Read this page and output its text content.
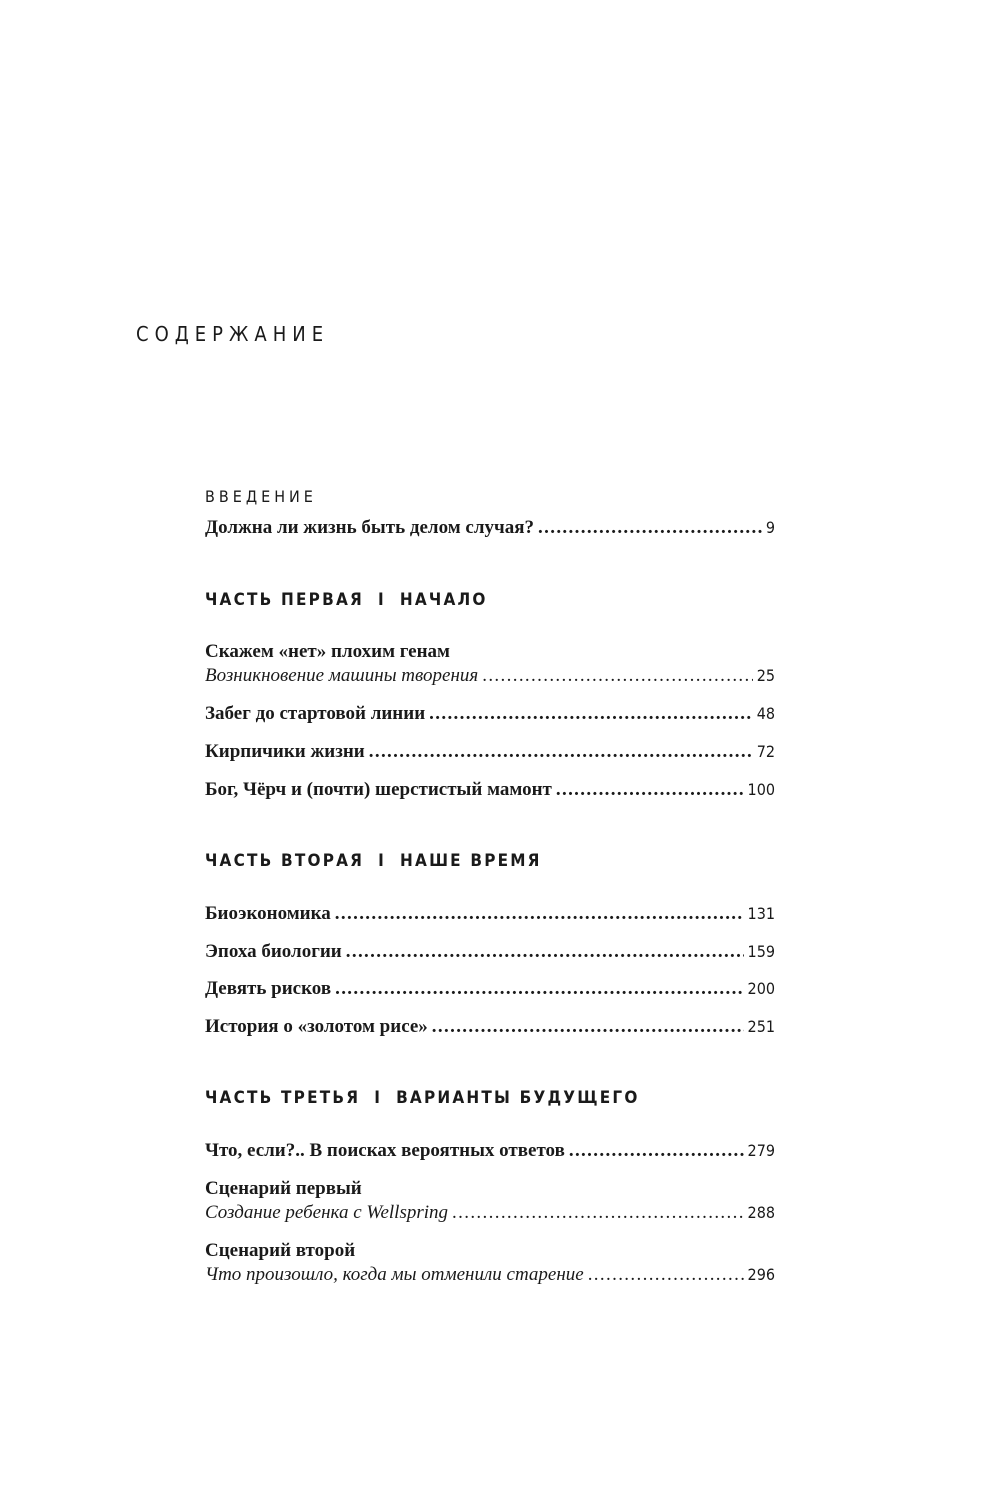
СОДЕРЖАНИЕ
ВВЕДЕНИЕ
Должна ли жизнь быть делом случая? . . .	9
ЧАСТЬ ПЕРВАЯ I НАЧАЛО
Скажем «нет» плохим генам
Возникновение машины творения . . .	25
Забег до стартовой линии . . .	48
Кирпичики жизни . . .	72
Бог, Чёрч и (почти) шерстистый мамонт . . .	100
ЧАСТЬ ВТОРАЯ I НАШЕ ВРЕМЯ
Биоэкономика . . .	131
Эпоха биологии . . .	159
Девять рисков . . .	200
История о «золотом рисе» . . .	251
ЧАСТЬ ТРЕТЬЯ I ВАРИАНТЫ БУДУЩЕГО
Что, если?.. В поисках вероятных ответов . . .	279
Сценарий первый
Создание ребенка с Wellspring . . .	288
Сценарий второй
Что произошло, когда мы отменили старение . . .	296
